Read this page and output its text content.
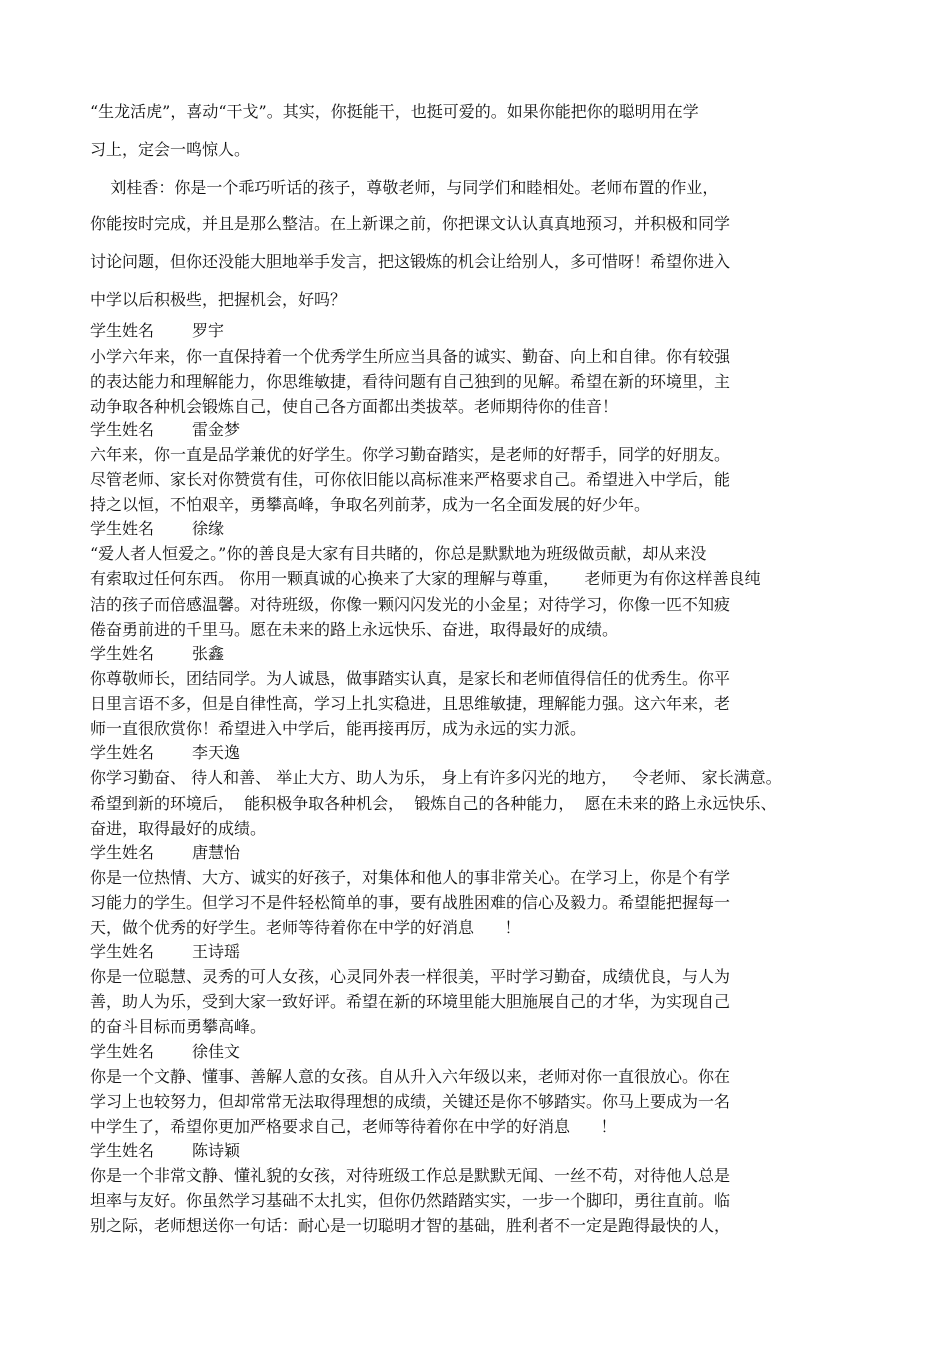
“生龙活虎”，喜动“干戈”。其实，你挺能干，也挺可爱的。如果你能把你的聪明用在学
习上，定会一鸣惊人。
刘桂香：你是一个乖巧听话的孩子，尊敬老师，与同学们和睦相处。老师布置的作业，
你能按时完成，并且是那么整洁。在上新课之前，你把课文认认真真地预习，并积极和同学
讨论问题，但你还没能大胆地举手发言，把这锻炼的机会让给别人，多可惜呀！希望你进入
中学以后积极些，把握机会，好吗？
学生姓名 罗宇
小学六年来，你一直保持着一个优秀学生所应当具备的诚实、勤奋、向上和自律。你有较强
的表达能力和理解能力，你思维敏捷，看待问题有自己独到的见解。希望在新的环境里，主
动争取各种机会锻炼自己，使自己各方面都出类拔萃。老师期待你的佳音！
学生姓名 雷金梦
六年来，你一直是品学兼优的好学生。你学习勤奋踏实，是老师的好帮手，同学的好朋友。
尽管老师、家长对你赞赏有佳，可你依旧能以高标准来严格要求自己。希望进入中学后，能
持之以恒，不怕艰辛，勇攀高峰，争取名列前茅，成为一名全面发展的好少年。
学生姓名 徐缘
“爱人者人恒爱之。”你的善良是大家有目共睹的，你总是默默地为班级做贡献，却从来没
有索取过任何东西。 你用一颗真诚的心换来了大家的理解与尊重，     老师更为有你这样善良纯
洁的孩子而倍感温馨。对待班级，你像一颗闪闪发光的小金星；对待学习，你像一匹不知疲
倦奋勇前进的千里马。愿在未来的路上永远快乐、奋进，取得最好的成绩。
学生姓名 张鑫
你尊敬师长，团结同学。为人诚恳，做事踏实认真，是家长和老师值得信任的优秀生。你平
日里言语不多，但是自律性高，学习上扎实稳进，且思维敏捷，理解能力强。这六年来，老
师一直很欣赏你！希望进入中学后，能再接再厉，成为永远的实力派。
学生姓名 李天逸
你学习勤奋、 待人和善、 举止大方、助人为乐， 身上有许多闪光的地方，   令老师、 家长满意。
希望到新的环境后，  能积极争取各种机会，  锻炼自己的各种能力，  愿在未来的路上永远快乐、
奋进，取得最好的成绩。
学生姓名 唐慧怡
你是一位热情、大方、诚实的好孩子，对集体和他人的事非常关心。在学习上，你是个有学
习能力的学生。但学习不是件轻松简单的事，要有战胜困难的信心及毅力。希望能把握每一
天，做个优秀的好学生。老师等待着你在中学的好消息      ！
学生姓名 王诗瑶
你是一位聪慧、灵秀的可人女孩，心灵同外表一样很美，平时学习勤奋，成绩优良，与人为
善，助人为乐，受到大家一致好评。希望在新的环境里能大胆施展自己的才华，为实现自己
的奋斗目标而勇攀高峰。
学生姓名 徐佳文
你是一个文静、懂事、善解人意的女孩。自从升入六年级以来，老师对你一直很放心。你在
学习上也较努力，但却常常无法取得理想的成绩，关键还是你不够踏实。你马上要成为一名
中学生了，希望你更加严格要求自己，老师等待着你在中学的好消息      ！
学生姓名 陈诗颖
你是一个非常文静、懂礼貌的女孩，对待班级工作总是默默无闻、一丝不苟，对待他人总是
坦率与友好。你虽然学习基础不太扎实，但你仍然踏踏实实，一步一个脚印，勇往直前。临
别之际，老师想送你一句话：耐心是一切聪明才智的基础，胜利者不一定是跑得最快的人，
